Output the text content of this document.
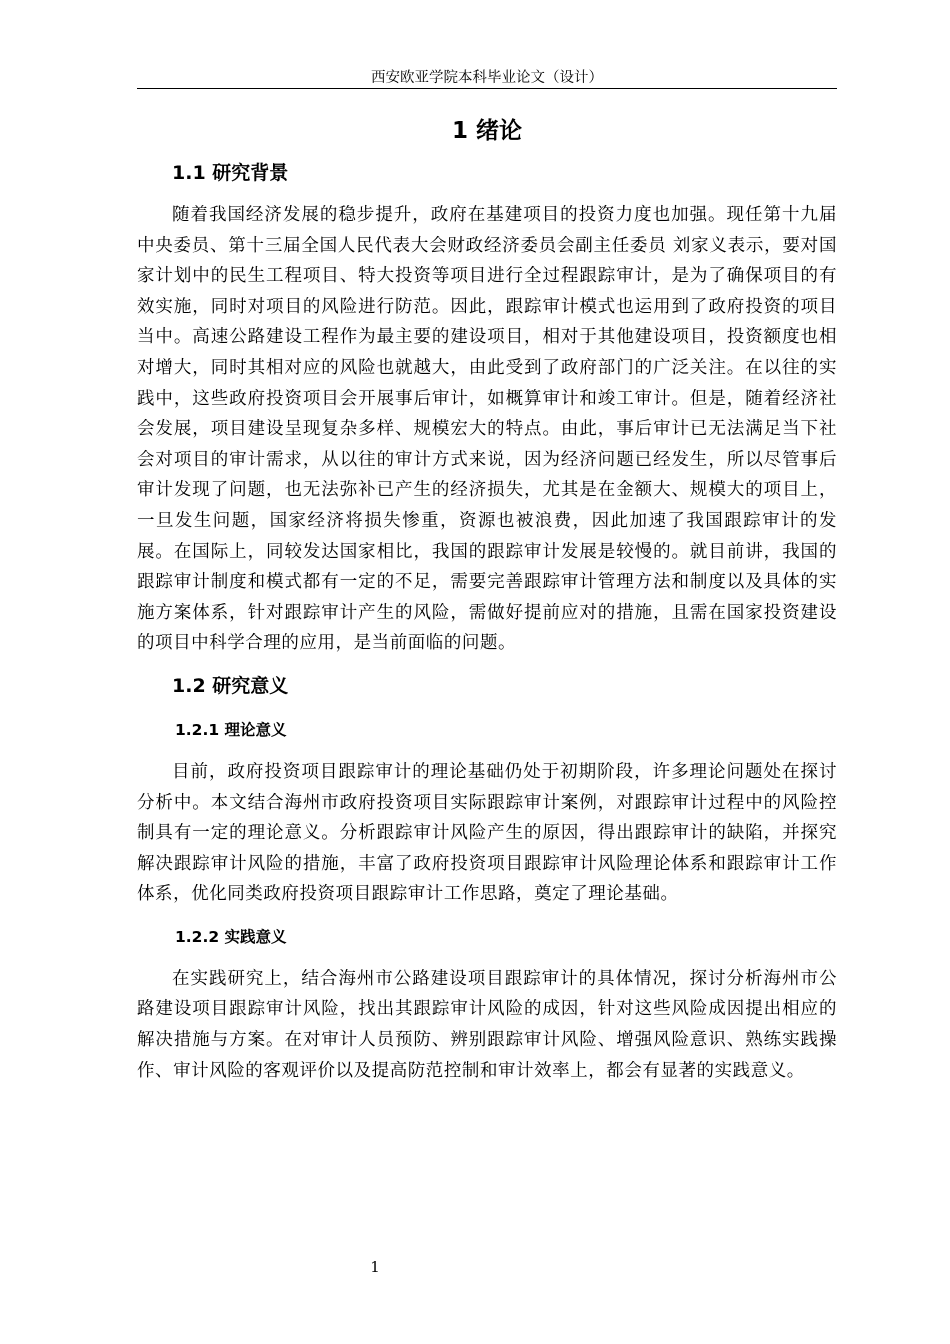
西安欧亚学院本科毕业论文（设计）
1 绪论
1.1 研究背景

随着我国经济发展的稳步提升，政府在基建项目的投资力度也加强。现任第十九届中央委员、第十三届全国人民代表大会财政经济委员会副主任委员 刘家义表示，要对国家计划中的民生工程项目、特大投资等项目进行全过程跟踪审计，是为了确保项目的有效实施，同时对项目的风险进行防范。因此，跟踪审计模式也运用到了政府投资的项目当中。高速公路建设工程作为最主要的建设项目，相对于其他建设项目，投资额度也相对增大，同时其相对应的风险也就越大，由此受到了政府部门的广泛关注。在以往的实践中，这些政府投资项目会开展事后审计，如概算审计和竣工审计。但是，随着经济社会发展，项目建设呈现复杂多样、规模宏大的特点。由此，事后审计已无法满足当下社会对项目的审计需求，从以往的审计方式来说，因为经济问题已经发生，所以尽管事后审计发现了问题，也无法弥补已产生的经济损失，尤其是在金额大、规模大的项目上，一旦发生问题，国家经济将损失惨重，资源也被浪费，因此加速了我国跟踪审计的发展。在国际上，同较发达国家相比，我国的跟踪审计发展是较慢的。就目前讲，我国的跟踪审计制度和模式都有一定的不足，需要完善跟踪审计管理方法和制度以及具体的实施方案体系，针对跟踪审计产生的风险，需做好提前应对的措施，且需在国家投资建设的项目中科学合理的应用，是当前面临的问题。

1.2 研究意义
1.2.1 理论意义

目前，政府投资项目跟踪审计的理论基础仍处于初期阶段，许多理论问题处在探讨分析中。本文结合海州市政府投资项目实际跟踪审计案例，对跟踪审计过程中的风险控制具有一定的理论意义。分析跟踪审计风险产生的原因，得出跟踪审计的缺陷，并探究解决跟踪审计风险的措施，丰富了政府投资项目跟踪审计风险理论体系和跟踪审计工作体系，优化同类政府投资项目跟踪审计工作思路，奠定了理论基础。

1.2.2 实践意义

在实践研究上，结合海州市公路建设项目跟踪审计的具体情况，探讨分析海州市公路建设项目跟踪审计风险，找出其跟踪审计风险的成因，针对这些风险成因提出相应的解决措施与方案。在对审计人员预防、辨别跟踪审计风险、增强风险意识、熟练实践操作、审计风险的客观评价以及提高防范控制和审计效率上，都会有显著的实践意义。

1
